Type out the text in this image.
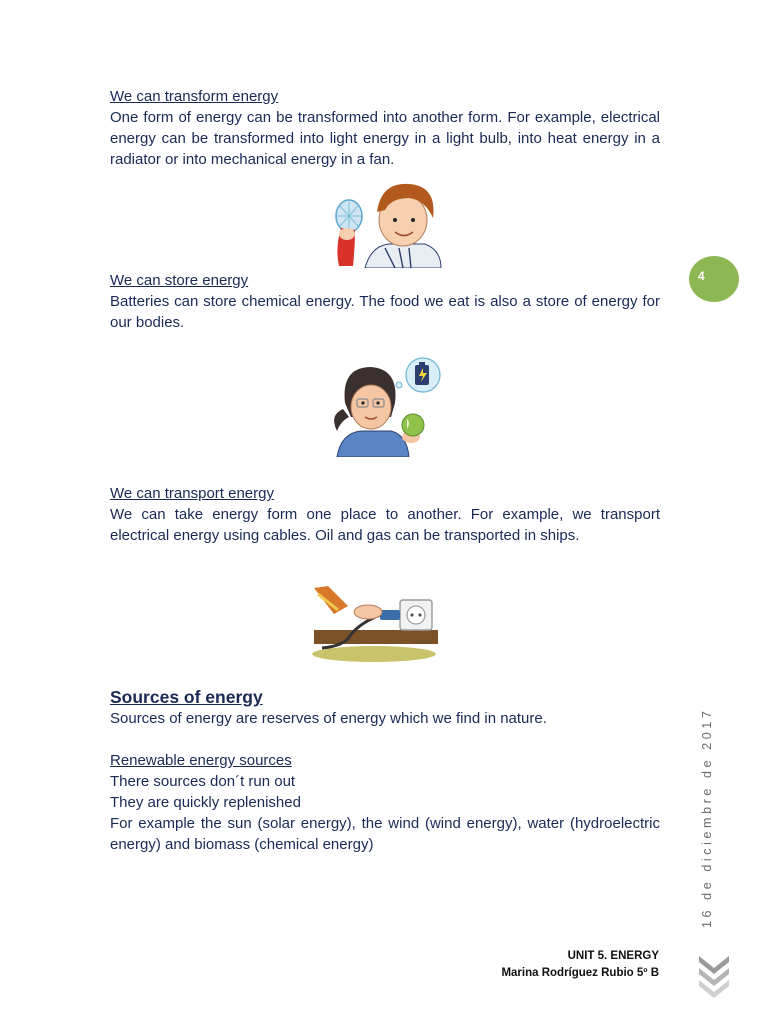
We can transform energy

One form of energy can be transformed into another form. For example, electrical energy can be transformed into light energy in a light bulb, into heat energy in a radiator or into mechanical energy in a fan.

We can store energy

Batteries can store chemical energy. The food we eat is also a store of energy for our bodies.

We can transport energy

We can take energy form one place to another. For example, we transport electrical energy using cables. Oil and gas can be transported in ships.

Sources of energy

Sources of energy are reserves of energy which we find in nature.

Renewable energy sources

There sources don´t run out

They are quickly replenished

For example the sun (solar energy), the wind (wind energy), water (hydroelectric energy) and biomass (chemical energy)

4
16 de diciembre de 2017
UNIT 5. ENERGY
Marina Rodríguez Rubio 5º B
